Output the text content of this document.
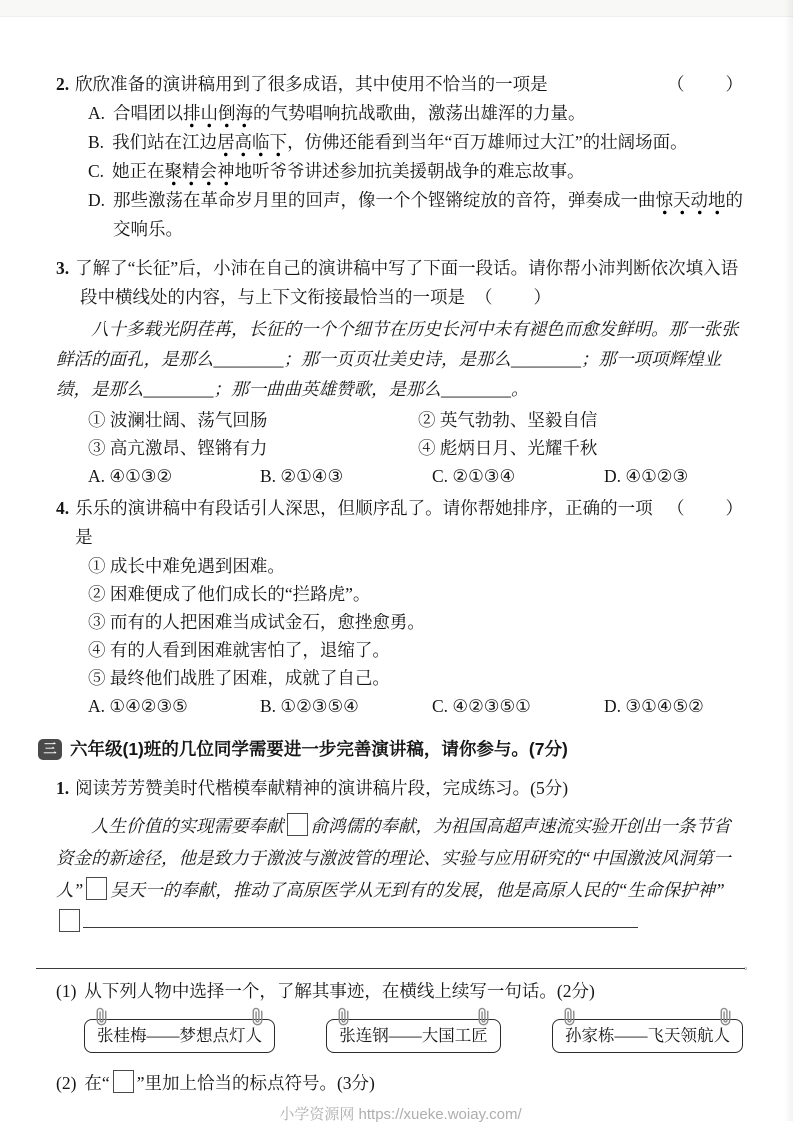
2. 欣欣准备的演讲稿用到了很多成语，其中使用不恰当的一项是	（　　）
A. 合唱团以排山倒海的气势唱响抗战歌曲，激荡出雄浑的力量。
B. 我们站在江边居高临下，仿佛还能看到当年“百万雄师过大江”的壮阔场面。
C. 她正在聚精会神地听爷爷讲述参加抗美援朝战争的难忘故事。
D. 那些激荡在革命岁月里的回声，像一个个铿锵绽放的音符，弹奏成一曲惊天动地的交响乐。
3. 了解了“长征”后，小沛在自己的演讲稿中写了下面一段话。请你帮小沛判断依次填入语段中横线处的内容，与上下文衔接最恰当的一项是 （　　）

八十多载光阴荏苒，长征的一个个细节在历史长河中未有褪色而愈发鲜明。那一张张鲜活的面孔，是那么________；那一页页壮美史诗，是那么________；那一项项辉煌业绩，是那么________；那一曲曲英雄赞歌，是那么________。

① 波澜壮阔、荡气回肠	② 英气勃勃、坚毅自信
③ 高亢激昂、铿锵有力	④ 彪炳日月、光耀千秋
A. ④①③②	B. ②①④③	C. ②①③④	D. ④①②③
4. 乐乐的演讲稿中有段话引人深思，但顺序乱了。请你帮她排序，正确的一项是
（　　）
① 成长中难免遇到困难。
② 困难便成了他们成长的“拦路虎”。
③ 而有的人把困难当成试金石，愈挫愈勇。
④ 有的人看到困难就害怕了，退缩了。
⑤ 最终他们战胜了困难，成就了自己。
A. ①④②③⑤	B. ①②③⑤④	C. ④②③⑤①	D. ③①④⑤②
三 六年级(1)班的几位同学需要进一步完善演讲稿，请你参与。(7分)
1. 阅读芳芳赞美时代楷模奉献精神的演讲稿片段，完成练习。(5分)

人生价值的实现需要奉献 俞鸿儒的奉献，为祖国高超声速流实验开创出一条节省资金的新途径，他是致力于激波与激波管的理论、实验与应用研究的“中国激波风洞第一人” 吴天一的奉献，推动了高原医学从无到有的发展，他是高原人民的“生命保护神”

。
(1) 从下列人物中选择一个，了解其事迹，在横线上续写一句话。(2分)
张桂梅——梦想点灯人	张连钢——大国工匠	孙家栋——飞天领航人
(2) 在“ ”里加上恰当的标点符号。(3分)
小学资源网 https://xueke.woiay.com/
